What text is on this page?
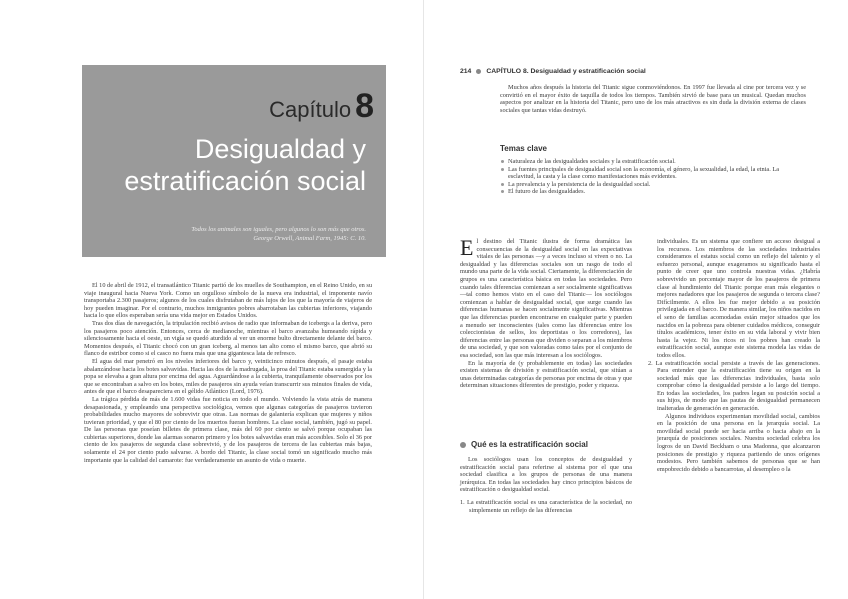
Capítulo 8
Desigualdad y
estratificación social
Todos los animales son iguales, pero algunos lo son más que otros.
George Orwell, Animal Farm, 1945: C. 10.

El 10 de abril de 1912, el transatlántico Titanic partió de los muelles de Southampton, en el Reino Unido, en su viaje inaugural hacia Nueva York. Como un orgulloso símbolo de la nueva era industrial, el imponente navío transportaba 2.300 pasajeros; algunos de los cuales disfrutaban de más lujos de los que la mayoría de viajeros de hoy pueden imaginar. Por el contrario, muchos inmigrantes pobres abarrotaban las cubiertas inferiores, viajando hacia lo que ellos esperaban sería una vida mejor en Estados Unidos.

Tras dos días de navegación, la tripulación recibió avisos de radio que informaban de icebergs a la deriva, pero los pasajeros poco atención. Entonces, cerca de medianoche, mientras el barco avanzaba humeando rápida y silenciosamente hacia el oeste, un vigía se quedó aturdido al ver un enorme bulto directamente delante del barco. Momentos después, el Titanic chocó con un gran iceberg, al menos tan alto como el mismo barco, que abrió su flanco de estribor como si el casco no fuera más que una gigantesca lata de refresco.

El agua del mar penetró en los niveles inferiores del barco y, veinticinco minutos después, el pasaje estaba abalanzándose hacia los botes salvavidas. Hacia las dos de la madrugada, la proa del Titanic estaba sumergida y la popa se elevaba a gran altura por encima del agua. Aguardándose a la cubierta, tranquilamente observados por los que se encontraban a salvo en los botes, miles de pasajeros sin ayuda veían transcurrir sus minutos finales de vida, antes de que el barco desapareciera en el gélido Atlántico (Lord, 1976).

La trágica pérdida de más de 1.600 vidas fue noticia en todo el mundo. Volviendo la vista atrás de manera desapasionada, y empleando una perspectiva sociológica, vemos que algunas categorías de pasajeros tuvieron probabilidades mucho mayores de sobrevivir que otras. Las normas de galantería explican que mujeres y niños tuvieran prioridad, y que el 80 por ciento de los muertos fueran hombres. La clase social, también, jugó su papel. De las personas que poseían billetes de primera clase, más del 60 por ciento se salvó porque ocupaban las cubiertas superiores, donde las alarmas sonaron primero y los botes salvavidas eran más accesibles. Solo el 36 por ciento de los pasajeros de segunda clase sobrevivió, y de los pasajeros de tercera de las cubiertas más bajas, solamente el 24 por ciento pudo salvarse. A bordo del Titanic, la clase social tomó un significado mucho más importante que la calidad del camarote: fue verdaderamente un asunto de vida o muerte.

214 CAPÍTULO 8. Desigualdad y estratificación social

Muchos años después la historia del Titanic sigue conmoviéndonos. En 1997 fue llevada al cine por tercera vez y se convirtió en el mayor éxito de taquilla de todos los tiempos. También sirvió de base para un musical. Quedan muchos aspectos por analizar en la historia del Titanic, pero uno de los más atractivos es sin duda la división externa de clases sociales que tantas vidas destruyó.

Temas clave
Naturaleza de las desigualdades sociales y la estratificación social.
Las fuentes principales de desigualdad social son la economía, el género, la sexualidad, la edad, la etnia. La esclavitud, la casta y la clase como manifestaciones más evidentes.
La prevalencia y la persistencia de la desigualdad social.
El futuro de las desigualdades.

El destino del Titanic ilustra de forma dramática las consecuencias de la desigualdad social en las expectativas vitales de las personas —y a veces incluso si viven o no. La desigualdad y las diferencias sociales son un rasgo de todo el mundo una parte de la vida social. Ciertamente, la diferenciación de grupos es una característica básica en todas las sociedades. Pero cuando tales diferencias comienzan a ser socialmente significativas —tal como hemos visto en el caso del Titanic— los sociólogos comienzan a hablar de desigualdad social, que surge cuando las diferencias humanas se hacen socialmente significativas. Mientras que las diferencias pueden encontrarse en cualquier parte y pueden a menudo ser inconscientes (tales como las diferencias entre los coleccionistas de sellos, los deportistas o los corredores), las diferencias entre las personas que dividen o separan a los miembros de una sociedad, y que son valoradas como tales por el conjunto de esa sociedad, son las que más interesan a los sociólogos.

En la mayoría de (y probablemente en todas) las sociedades existen sistemas de división y estratificación social, que sitúan a unas determinadas categorías de personas por encima de otras y que determinan situaciones diferentes de prestigio, poder y riqueza.

Qué es la estratificación social

Los sociólogos usan los conceptos de desigualdad y estratificación social para referirse al sistema por el que una sociedad clasifica a los grupos de personas de una manera jerárquica. En todas las sociedades hay cinco principios básicos de estratificación o desigualdad social.

1. La estratificación social es una característica de la sociedad, no simplemente un reflejo de las diferencias

individuales. Es un sistema que confiere un acceso desigual a los recursos. Los miembros de las sociedades industriales consideramos el estatus social como un reflejo del talento y el esfuerzo personal, aunque exageramos su significado hasta el punto de creer que uno controla nuestras vidas. ¿Habría sobrevivido un porcentaje mayor de los pasajeros de primera clase al hundimiento del Titanic porque eran más elegantes o mejores nadadores que los pasajeros de segunda o tercera clase? Difícilmente. A ellos les fue mejor debido a su posición privilegiada en el barco. De manera similar, los niños nacidos en el seno de familias acomodadas están mejor situados que los nacidos en la pobreza para obtener cuidados médicos, conseguir títulos académicos, tener éxito en su vida laboral y vivir bien hasta la vejez. Ni los ricos ni los pobres han creado la estratificación social, aunque este sistema modela las vidas de todos ellos.

2. La estratificación social persiste a través de las generaciones. Para entender que la estratificación tiene su origen en la sociedad más que las diferencias individuales, basta solo comprobar cómo la desigualdad persiste a lo largo del tiempo. En todas las sociedades, los padres legan su posición social a sus hijos, de modo que las pautas de desigualdad permanecen inalteradas de generación en generación.

Algunos individuos experimentan movilidad social, cambios en la posición de una persona en la jerarquía social. La movilidad social puede ser hacia arriba o hacia abajo en la jerarquía de posiciones sociales. Nuestra sociedad celebra los logros de un David Beckham o una Madonna, que alcanzaron posiciones de prestigio y riqueza partiendo de unos orígenes modestos. Pero también sabemos de personas que se han empobrecido debido a bancarrotas, al desempleo o la
